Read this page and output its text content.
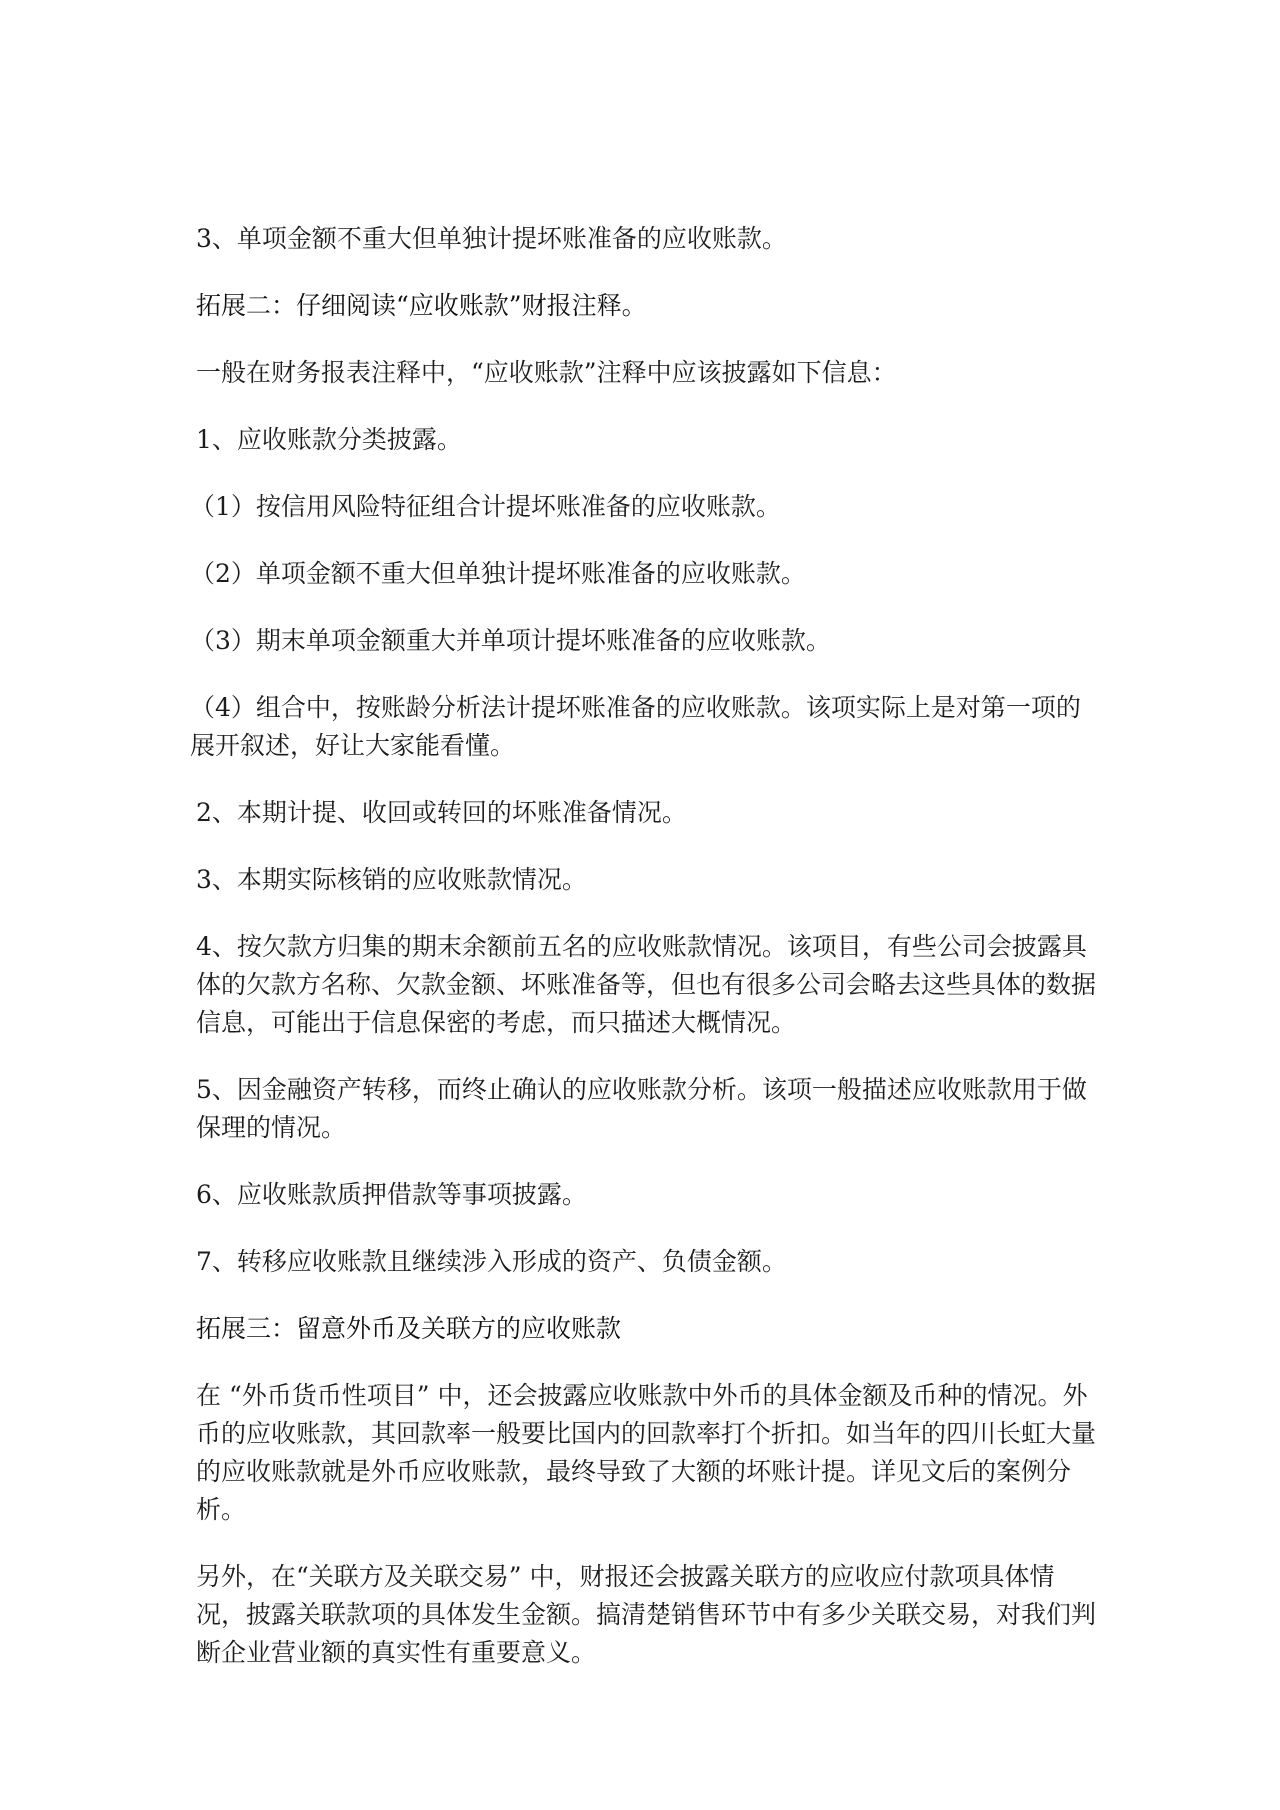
3、单项金额不重大但单独计提坏账准备的应收账款。

拓展二：仔细阅读“应收账款”财报注释。

一般在财务报表注释中，“应收账款”注释中应该披露如下信息：

1、应收账款分类披露。

（1）按信用风险特征组合计提坏账准备的应收账款。

（2）单项金额不重大但单独计提坏账准备的应收账款。

（3）期末单项金额重大并单项计提坏账准备的应收账款。

（4）组合中，按账龄分析法计提坏账准备的应收账款。该项实际上是对第一项的展开叙述，好让大家能看懂。

2、本期计提、收回或转回的坏账准备情况。

3、本期实际核销的应收账款情况。

4、按欠款方归集的期末余额前五名的应收账款情况。该项目，有些公司会披露具体的欠款方名称、欠款金额、坏账准备等，但也有很多公司会略去这些具体的数据信息，可能出于信息保密的考虑，而只描述大概情况。

5、因金融资产转移，而终止确认的应收账款分析。该项一般描述应收账款用于做保理的情况。

6、应收账款质押借款等事项披露。

7、转移应收账款且继续涉入形成的资产、负债金额。

拓展三：留意外币及关联方的应收账款

在 “外币货币性项目” 中，还会披露应收账款中外币的具体金额及币种的情况。外币的应收账款，其回款率一般要比国内的回款率打个折扣。如当年的四川长虹大量的应收账款就是外币应收账款，最终导致了大额的坏账计提。详见文后的案例分析。

另外，在“关联方及关联交易” 中，财报还会披露关联方的应收应付款项具体情况，披露关联款项的具体发生金额。搞清楚销售环节中有多少关联交易，对我们判断企业营业额的真实性有重要意义。
